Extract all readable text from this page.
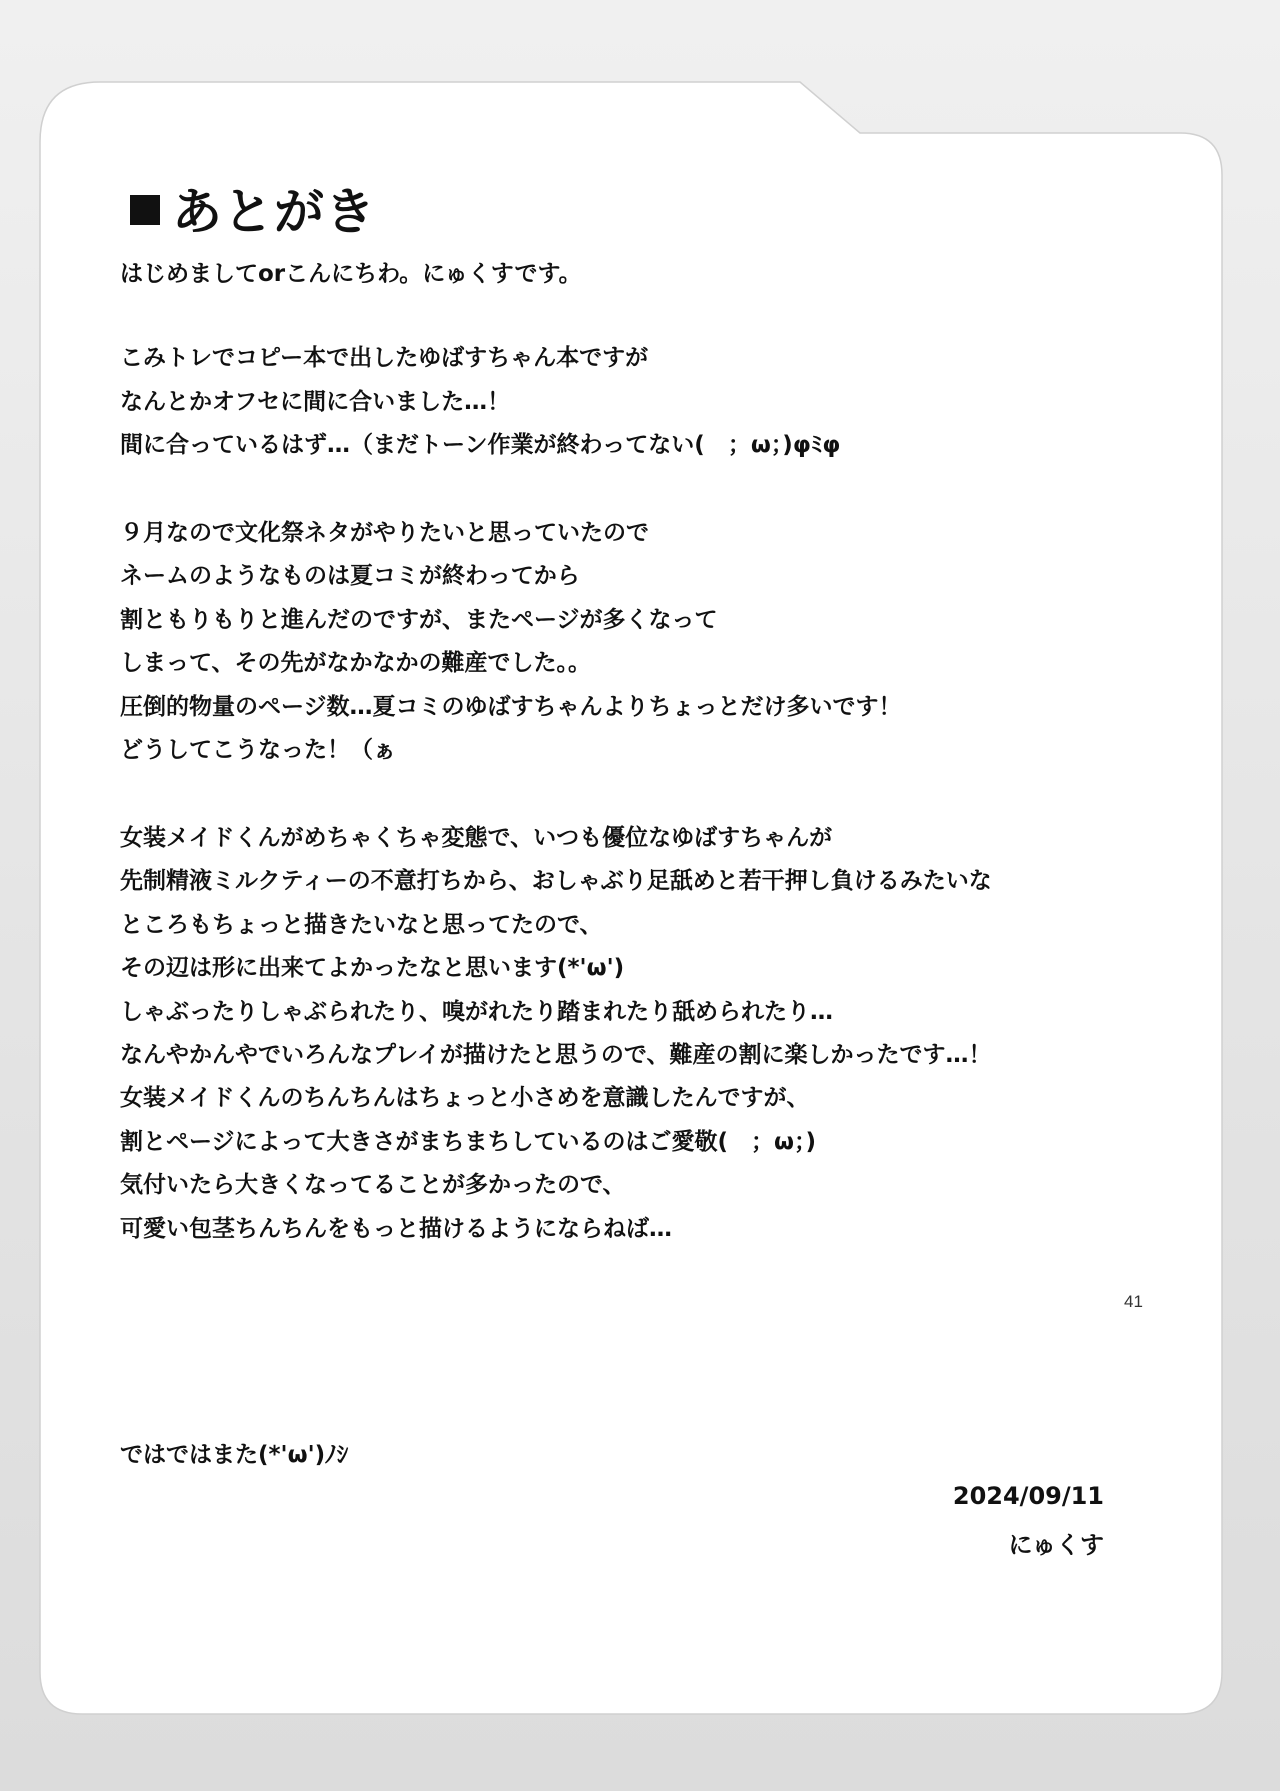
あとがき
はじめましてorこんにちわ。にゅくすです。
こみトレでコピー本で出したゆばすちゃん本ですが
なんとかオフセに間に合いました…！
間に合っているはず…（まだトーン作業が終わってない(　；ω；)φﾐφ
９月なので文化祭ネタがやりたいと思っていたので
ネームのようなものは夏コミが終わってから
割ともりもりと進んだのですが、またページが多くなって
しまって、その先がなかなかの難産でした。。
圧倒的物量のページ数…夏コミのゆばすちゃんよりちょっとだけ多いです！
どうしてこうなった！（ぁ
女装メイドくんがめちゃくちゃ変態で、いつも優位なゆばすちゃんが
先制精液ミルクティーの不意打ちから、おしゃぶり足舐めと若干押し負けるみたいな
ところもちょっと描きたいなと思ってたので、
その辺は形に出来てよかったなと思います(*'ω')
しゃぶったりしゃぶられたり、嗅がれたり踏まれたり舐められたり…
なんやかんやでいろんなプレイが描けたと思うので、難産の割に楽しかったです…！
女装メイドくんのちんちんはちょっと小さめを意識したんですが、
割とページによって大きさがまちまちしているのはご愛敬(　；ω；)
気付いたら大きくなってることが多かったので、
可愛い包茎ちんちんをもっと描けるようにならねば…
ではではまた(*'ω')ﾉｼ
2024/09/11
にゅくす
41
